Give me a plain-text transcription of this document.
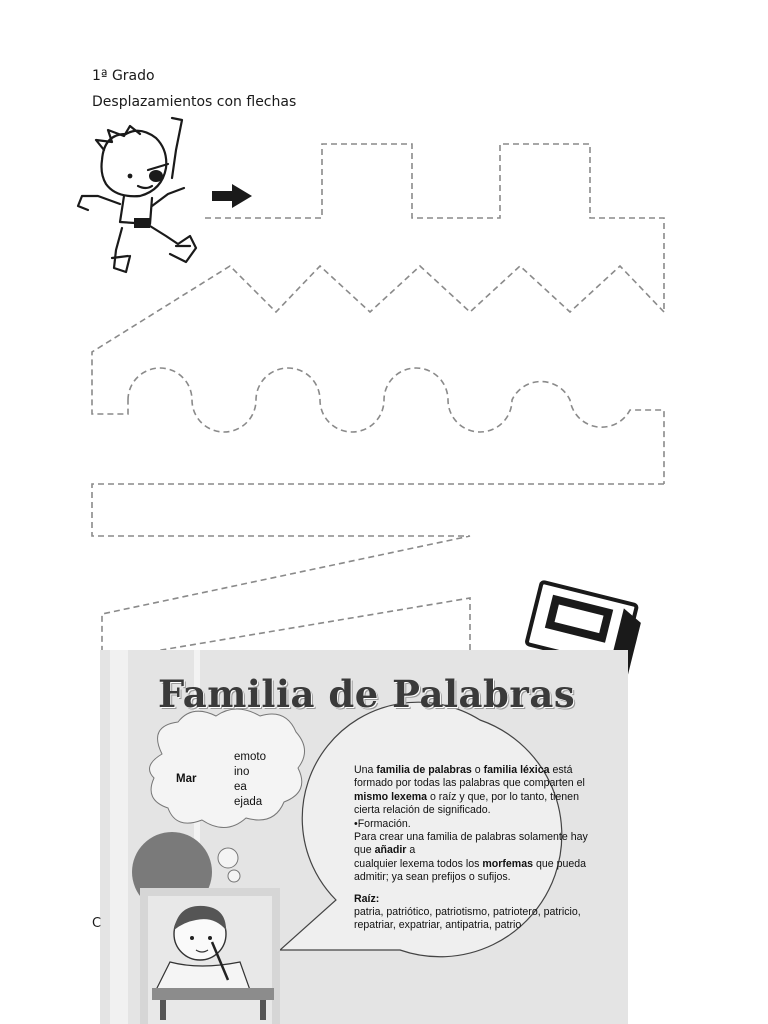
1ª Grado
Desplazamientos con flechas
Familia de Palabras
Mar
emoto
ino
ea
ejada

Una familia de palabras o familia léxica está formado por todas las palabras que comparten el mismo lexema o raíz y que, por lo tanto, tienen cierta relación de significado.

•Formación.

Para crear una familia de palabras solamente hay que añadir a
cualquier lexema todos los morfemas que pueda admitir; ya sean prefijos o sufijos.

Raíz:

patria, patriótico, patriotismo, patriotero, patricio, repatriar, expatriar, antipatria, patrio

C
